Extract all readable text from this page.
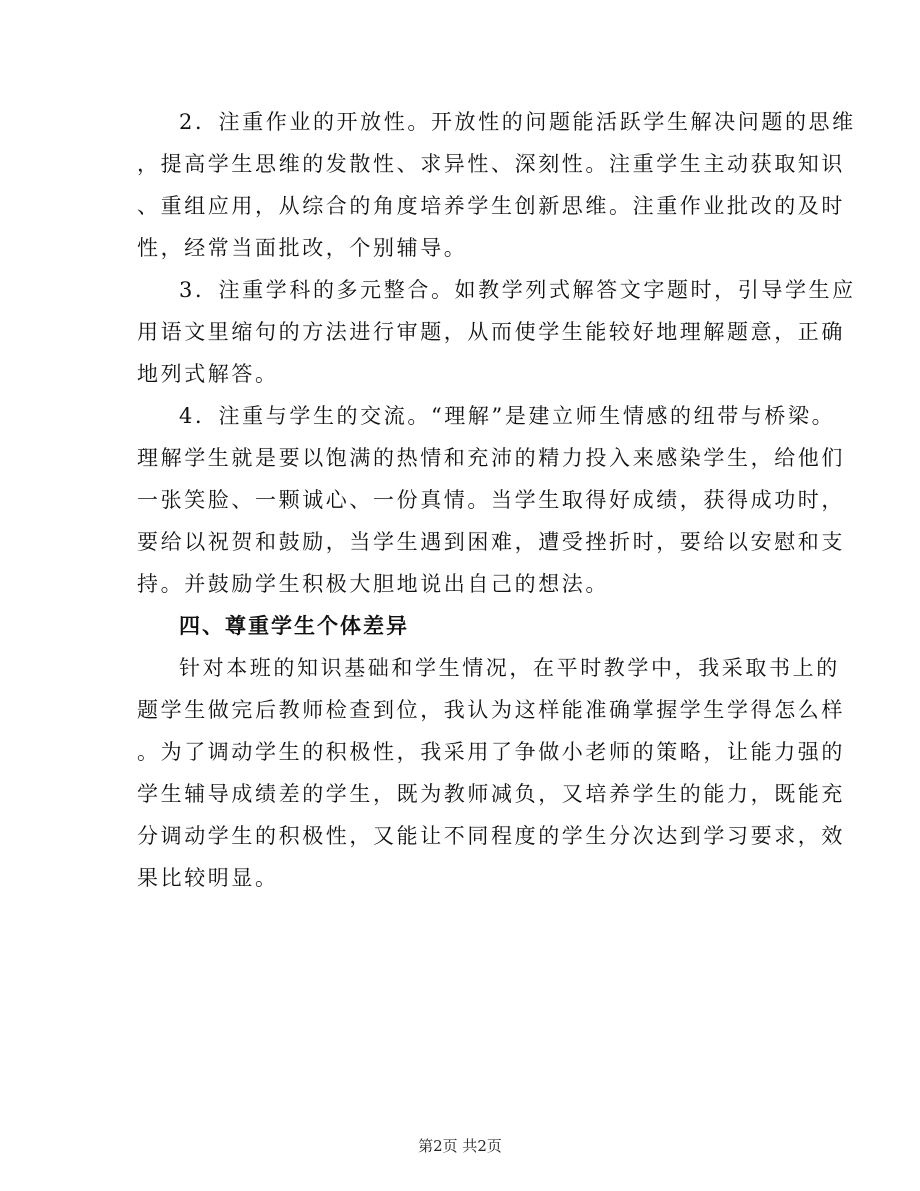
2．注重作业的开放性。开放性的问题能活跃学生解决问题的思维
，提高学生思维的发散性、求异性、深刻性。注重学生主动获取知识
、重组应用，从综合的角度培养学生创新思维。注重作业批改的及时
性，经常当面批改，个别辅导。
3．注重学科的多元整合。如教学列式解答文字题时，引导学生应
用语文里缩句的方法进行审题，从而使学生能较好地理解题意，正确
地列式解答。
4．注重与学生的交流。“理解”是建立师生情感的纽带与桥梁。
理解学生就是要以饱满的热情和充沛的精力投入来感染学生，给他们
一张笑脸、一颗诚心、一份真情。当学生取得好成绩，获得成功时，
要给以祝贺和鼓励，当学生遇到困难，遭受挫折时，要给以安慰和支
持。并鼓励学生积极大胆地说出自己的想法。
四、尊重学生个体差异
针对本班的知识基础和学生情况，在平时教学中，我采取书上的
题学生做完后教师检查到位，我认为这样能准确掌握学生学得怎么样
。为了调动学生的积极性，我采用了争做小老师的策略，让能力强的
学生辅导成绩差的学生，既为教师减负，又培养学生的能力，既能充
分调动学生的积极性，又能让不同程度的学生分次达到学习要求，效
果比较明显。
第2页 共2页
